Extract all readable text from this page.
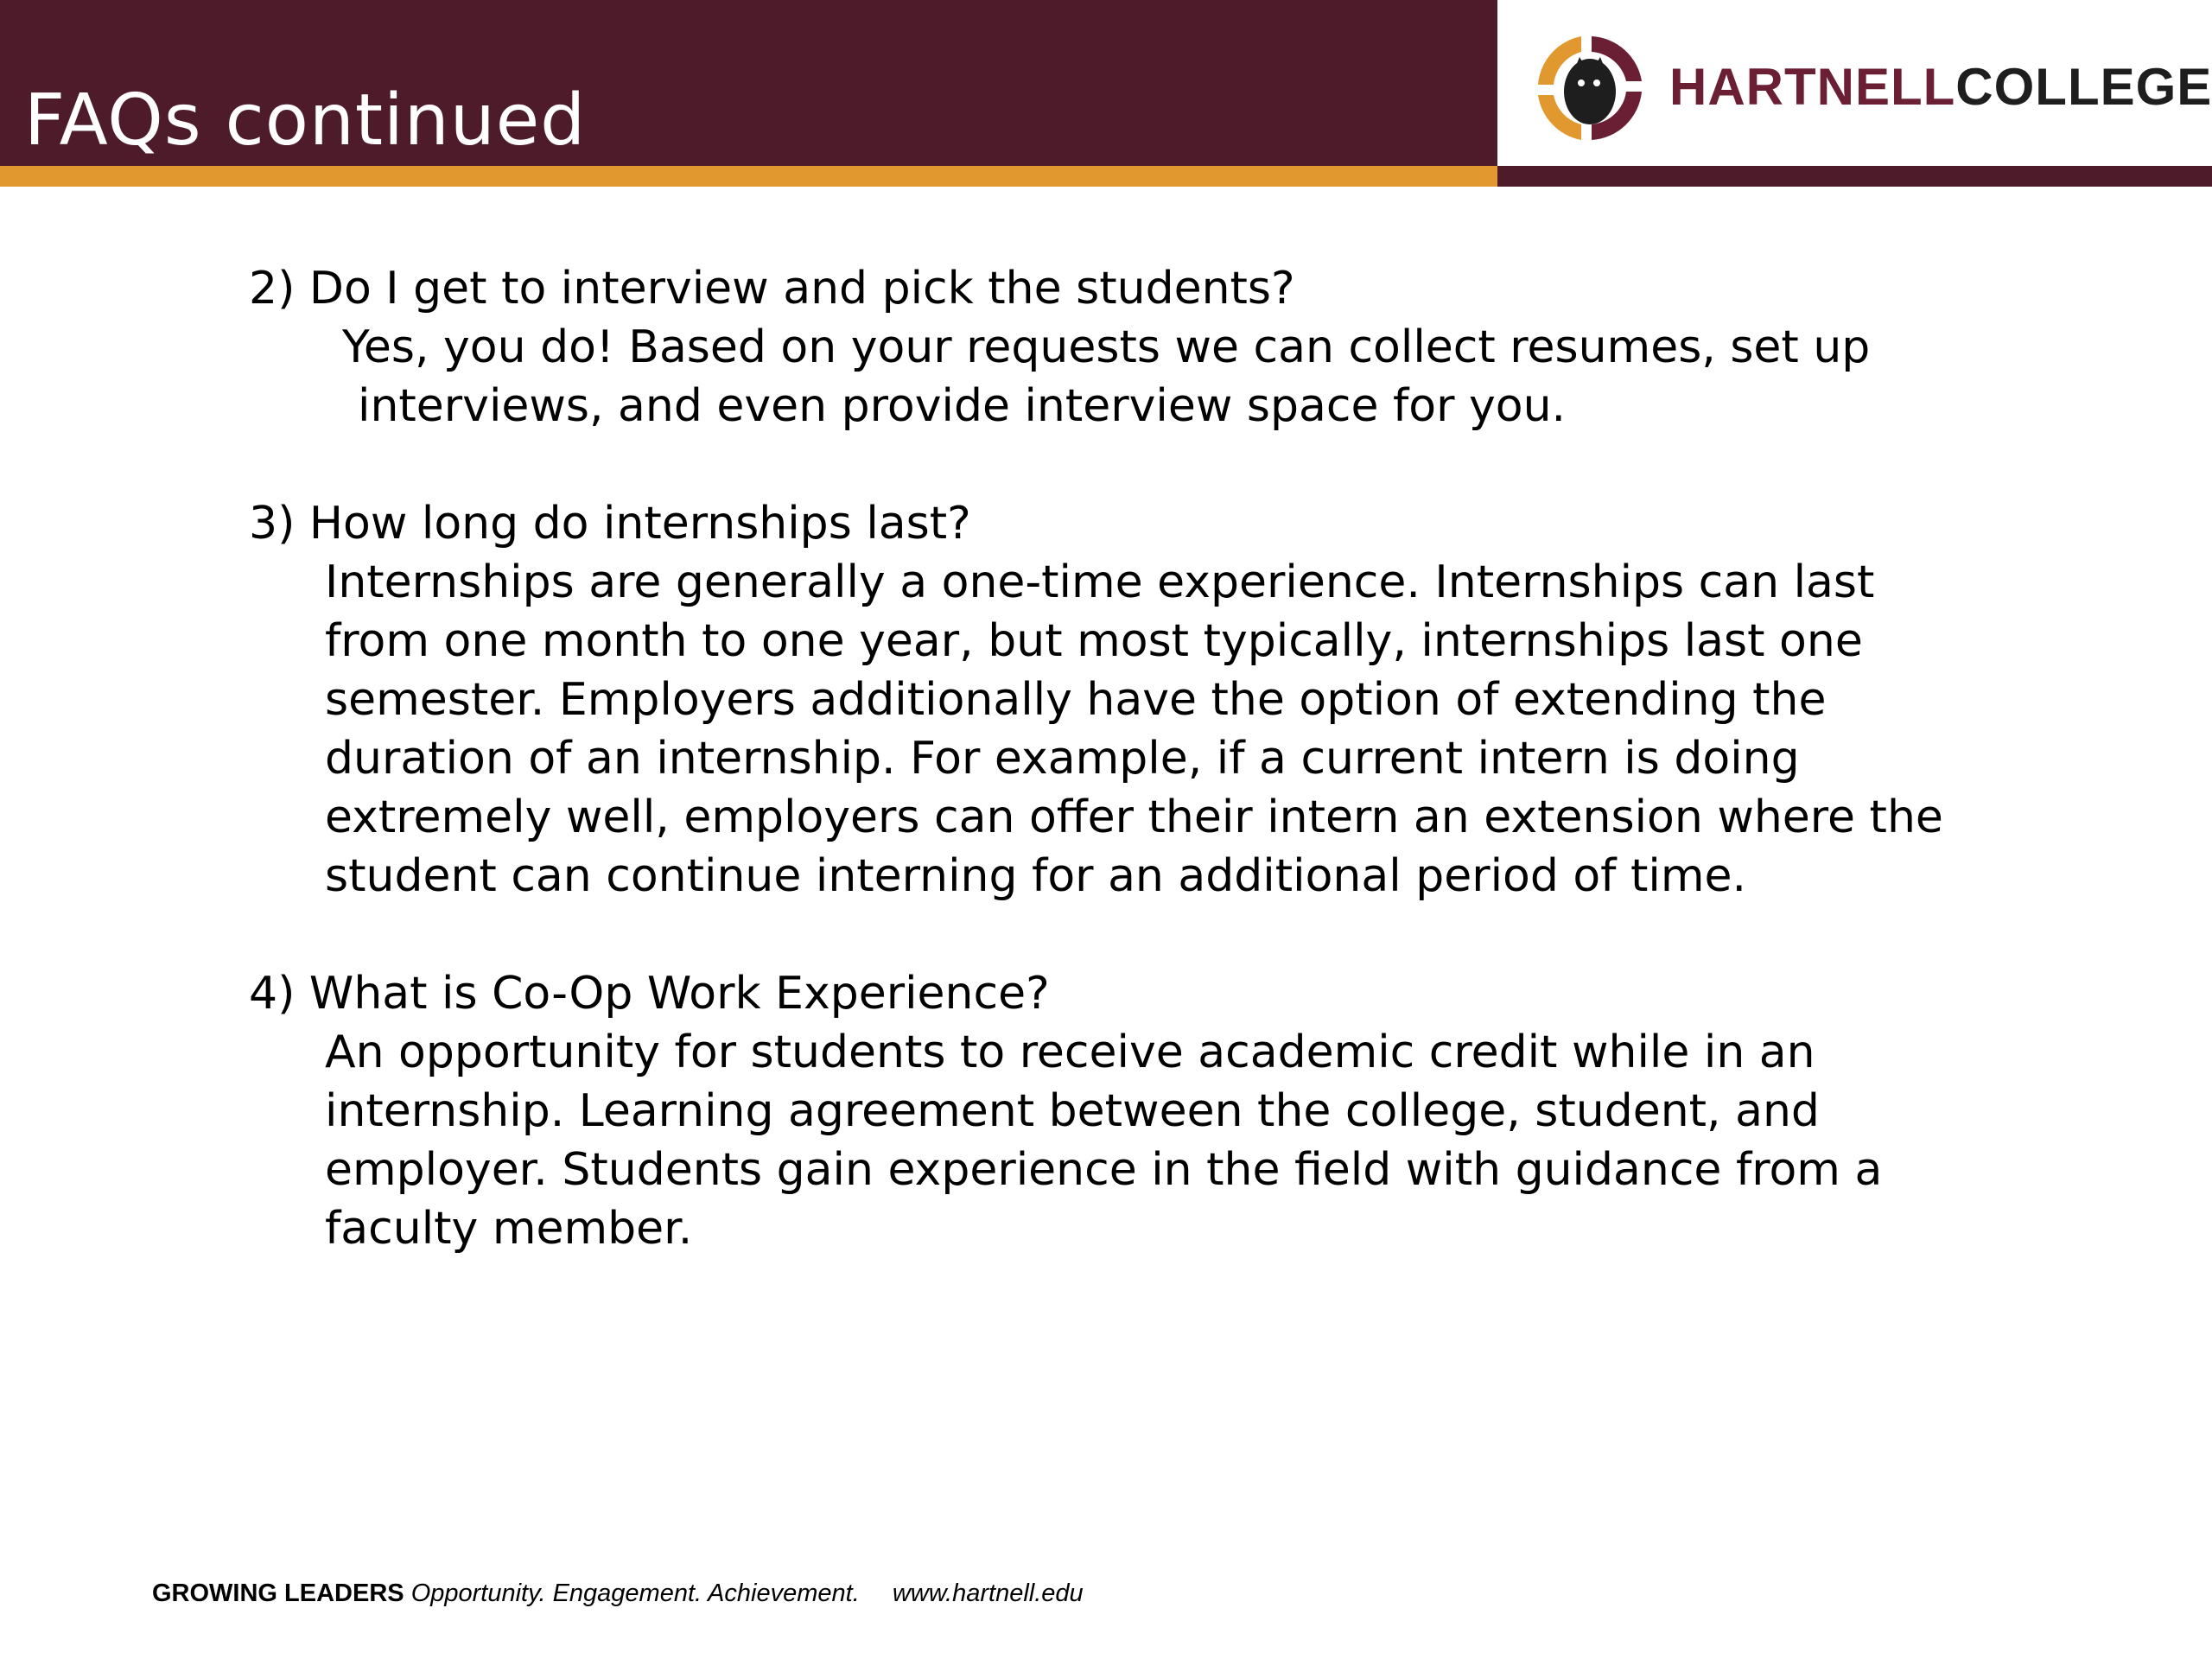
FAQs continued	HARTNELLCOLLEGE
2) Do I get to interview and pick the students?
Yes, you do! Based on your requests we can collect resumes, set up
interviews, and even provide interview space for you.
3) How long do internships last?
Internships are generally a one-time experience. Internships can last
from one month to one year, but most typically, internships last one
semester. Employers additionally have the option of extending the
duration of an internship. For example, if a current intern is doing
extremely well, employers can offer their intern an extension where the
student can continue interning for an additional period of time.
4) What is Co-Op Work Experience?
An opportunity for students to receive academic credit while in an
internship. Learning agreement between the college, student, and
employer. Students gain experience in the field with guidance from a
faculty member.
GROWING LEADERS Opportunity. Engagement. Achievement. www.hartnell.edu
